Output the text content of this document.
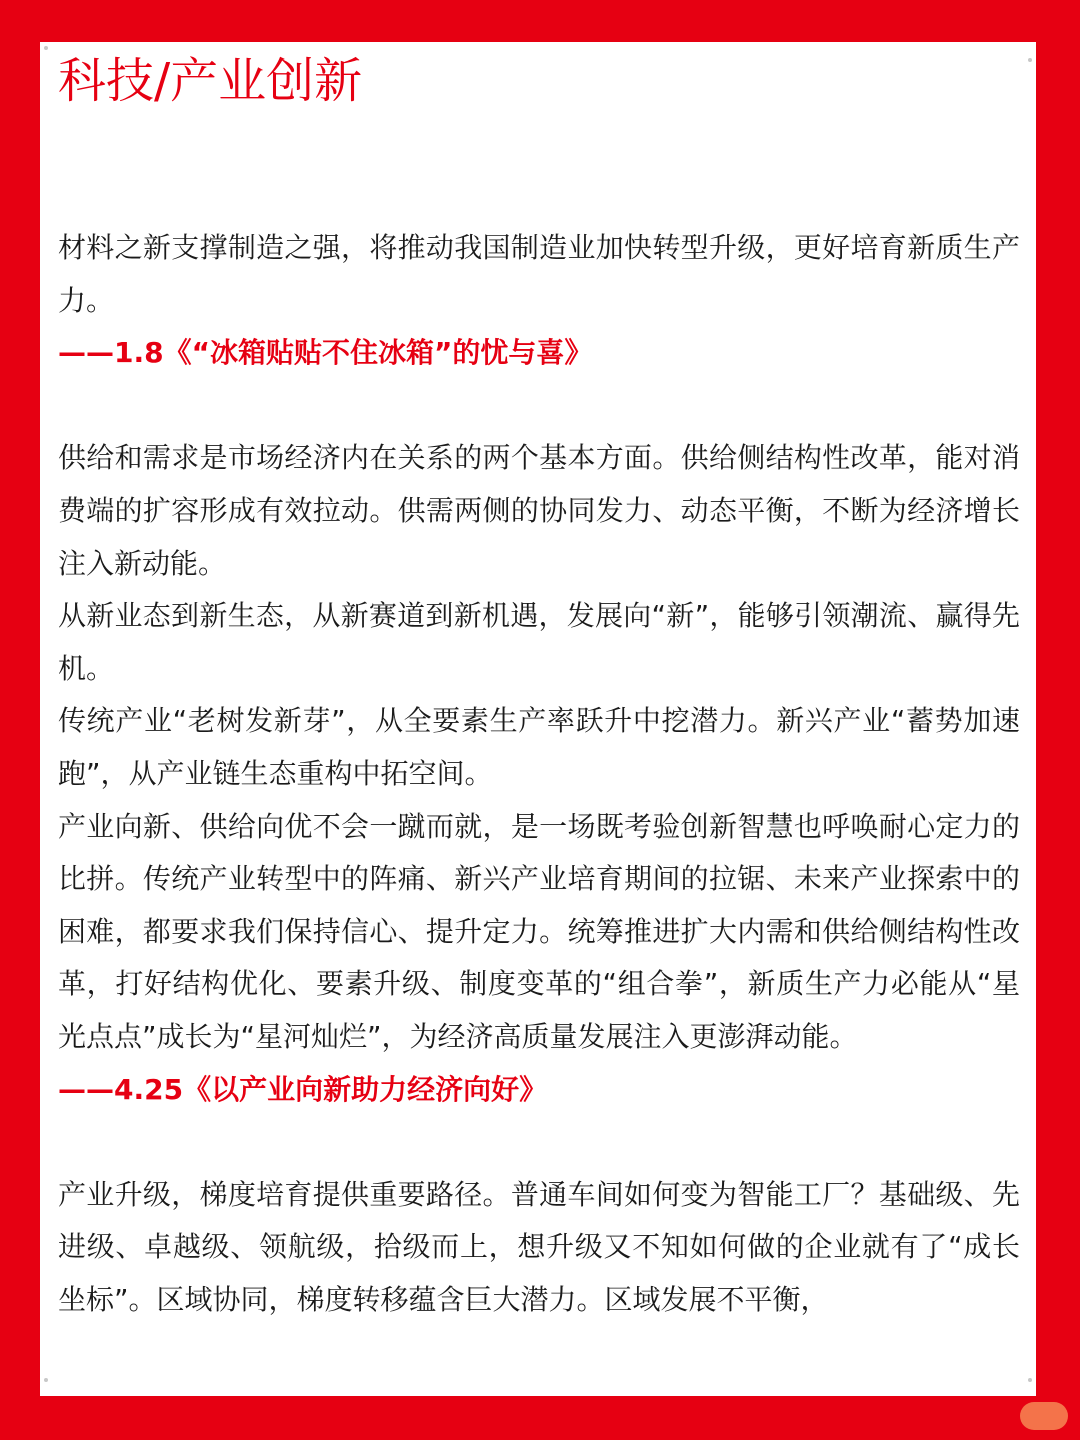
科技/产业创新

材料之新支撑制造之强，将推动我国制造业加快转型升级，更好培育新质生产力。

——1.8《“冰箱贴贴不住冰箱”的忧与喜》

供给和需求是市场经济内在关系的两个基本方面。供给侧结构性改革，能对消费端的扩容形成有效拉动。供需两侧的协同发力、动态平衡，不断为经济增长注入新动能。

从新业态到新生态，从新赛道到新机遇，发展向“新”，能够引领潮流、赢得先机。

传统产业“老树发新芽”，从全要素生产率跃升中挖潜力。新兴产业“蓄势加速跑”，从产业链生态重构中拓空间。

产业向新、供给向优不会一蹴而就，是一场既考验创新智慧也呼唤耐心定力的比拼。传统产业转型中的阵痛、新兴产业培育期间的拉锯、未来产业探索中的困难，都要求我们保持信心、提升定力。统筹推进扩大内需和供给侧结构性改革，打好结构优化、要素升级、制度变革的“组合拳”，新质生产力必能从“星光点点”成长为“星河灿烂”，为经济高质量发展注入更澎湃动能。

——4.25《以产业向新助力经济向好》

产业升级，梯度培育提供重要路径。普通车间如何变为智能工厂？基础级、先进级、卓越级、领航级，拾级而上，想升级又不知如何做的企业就有了“成长坐标”。区域协同，梯度转移蕴含巨大潜力。区域发展不平衡，
